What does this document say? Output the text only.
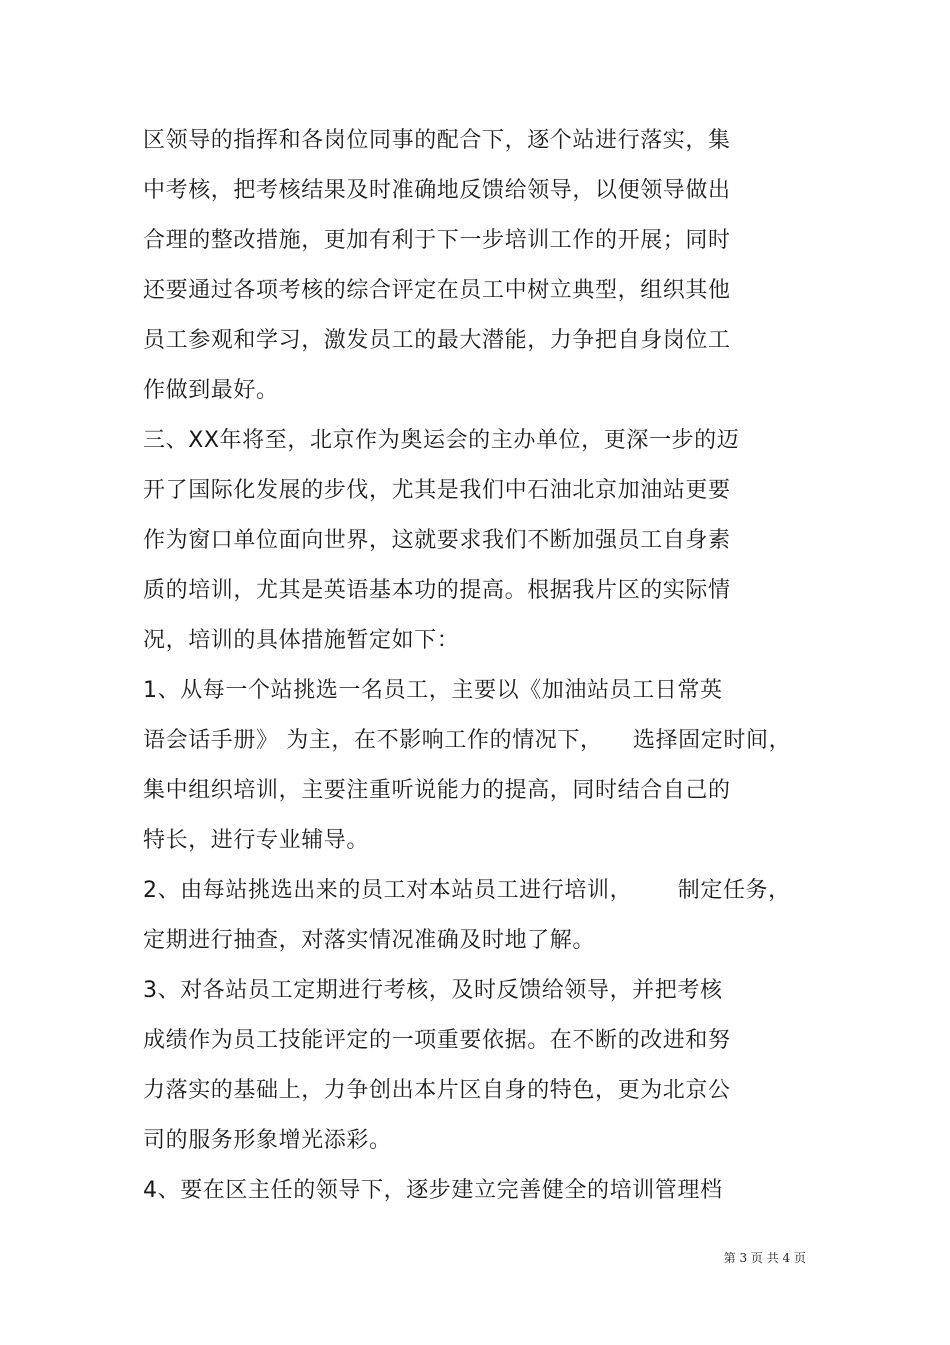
区领导的指挥和各岗位同事的配合下，逐个站进行落实，集
中考核，把考核结果及时准确地反馈给领导，以便领导做出
合理的整改措施，更加有利于下一步培训工作的开展；同时
还要通过各项考核的综合评定在员工中树立典型，组织其他
员工参观和学习，激发员工的最大潜能，力争把自身岗位工
作做到最好。
三、XX年将至，北京作为奥运会的主办单位，更深一步的迈
开了国际化发展的步伐，尤其是我们中石油北京加油站更要
作为窗口单位面向世界，这就要求我们不断加强员工自身素
质的培训，尤其是英语基本功的提高。根据我片区的实际情
况，培训的具体措施暂定如下：
1、从每一个站挑选一名员工，主要以《加油站员工日常英
语会话手册》 为主，在不影响工作的情况下，    选择固定时间，
集中组织培训，主要注重听说能力的提高，同时结合自己的
特长，进行专业辅导。
2、由每站挑选出来的员工对本站员工进行培训，      制定任务，
定期进行抽查，对落实情况准确及时地了解。
3、对各站员工定期进行考核，及时反馈给领导，并把考核
成绩作为员工技能评定的一项重要依据。在不断的改进和努
力落实的基础上，力争创出本片区自身的特色，更为北京公
司的服务形象增光添彩。
4、要在区主任的领导下，逐步建立完善健全的培训管理档
第 3 页 共 4 页
